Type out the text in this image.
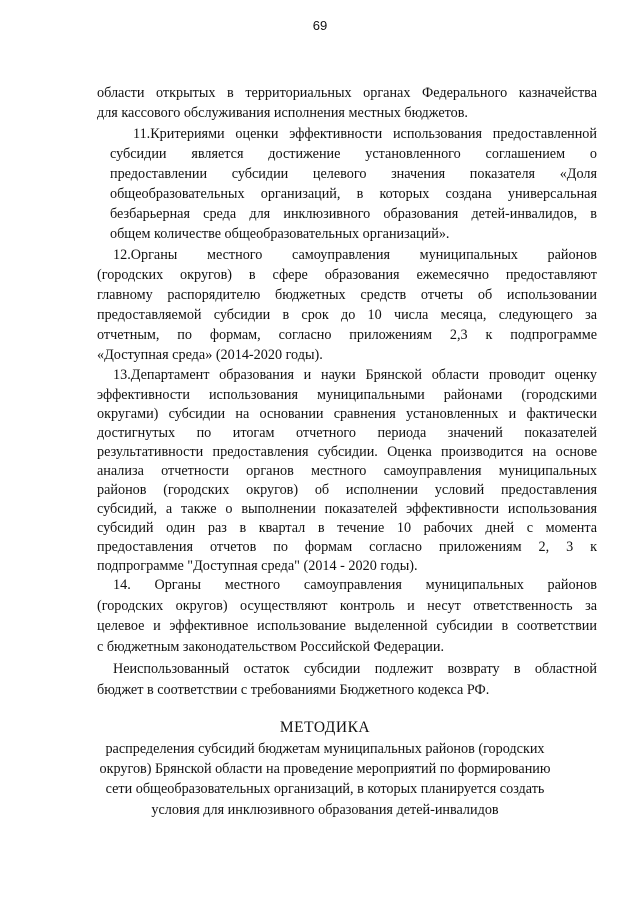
69
области открытых в территориальных органах Федерального казначейства
для кассового обслуживания исполнения местных бюджетов.
11.Критериями оценки эффективности использования предоставленной
субсидии является достижение установленного соглашением о
предоставлении субсидии целевого значения показателя «Доля
общеобразовательных организаций, в которых создана универсальная
безбарьерная среда для инклюзивного образования детей-инвалидов, в
общем количестве общеобразовательных организаций».
12.Органы местного самоуправления муниципальных районов
(городских округов) в сфере образования ежемесячно предоставляют
главному распорядителю бюджетных средств отчеты об использовании
предоставляемой субсидии в срок до 10 числа месяца, следующего за
отчетным, по формам, согласно приложениям 2,3 к подпрограмме
«Доступная среда» (2014-2020 годы).
13.Департамент образования и науки Брянской области проводит оценку
эффективности использования муниципальными районами (городскими
округами) субсидии на основании сравнения установленных и фактически
достигнутых по итогам отчетного периода значений показателей
результативности предоставления субсидии. Оценка производится на основе
анализа отчетности органов местного самоуправления муниципальных
районов (городских округов) об исполнении условий предоставления
субсидий, а также о выполнении показателей эффективности использования
субсидий один раз в квартал в течение 10 рабочих дней с момента
предоставления отчетов по формам согласно приложениям 2, 3 к
подпрограмме "Доступная среда" (2014 - 2020 годы).
14. Органы местного самоуправления муниципальных районов
(городских округов) осуществляют контроль и несут ответственность за
целевое и эффективное использование выделенной субсидии в соответствии
с бюджетным законодательством Российской Федерации.
Неиспользованный остаток субсидии подлежит возврату в областной
бюджет в соответствии с требованиями Бюджетного кодекса РФ.
МЕТОДИКА
распределения субсидий бюджетам муниципальных районов (городских
округов) Брянской области на проведение мероприятий по формированию
сети общеобразовательных организаций, в которых планируется создать
условия для инклюзивного образования детей-инвалидов
